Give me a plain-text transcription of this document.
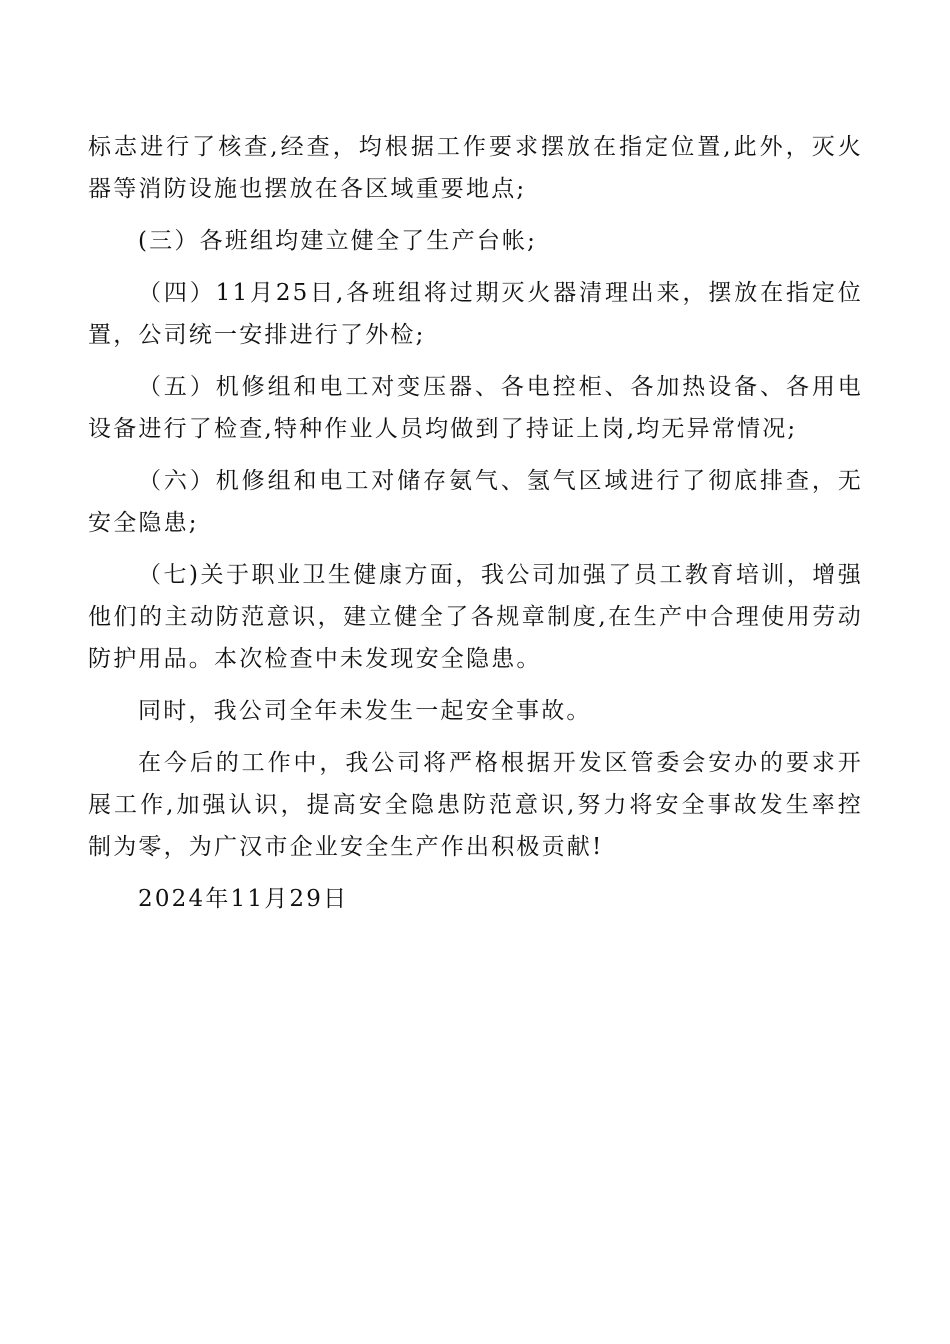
标志进行了核查,经查，均根据工作要求摆放在指定位置,此外，灭火器等消防设施也摆放在各区域重要地点;

(三）各班组均建立健全了生产台帐;

（四）11月25日,各班组将过期灭火器清理出来，摆放在指定位置，公司统一安排进行了外检;

（五）机修组和电工对变压器、各电控柜、各加热设备、各用电设备进行了检查,特种作业人员均做到了持证上岗,均无异常情况;

（六）机修组和电工对储存氨气、氢气区域进行了彻底排查，无安全隐患;

（七)关于职业卫生健康方面，我公司加强了员工教育培训，增强他们的主动防范意识，建立健全了各规章制度,在生产中合理使用劳动防护用品。本次检查中未发现安全隐患。

同时，我公司全年未发生一起安全事故。

在今后的工作中，我公司将严格根据开发区管委会安办的要求开展工作,加强认识，提高安全隐患防范意识,努力将安全事故发生率控制为零，为广汉市企业安全生产作出积极贡献!

2024年11月29日
